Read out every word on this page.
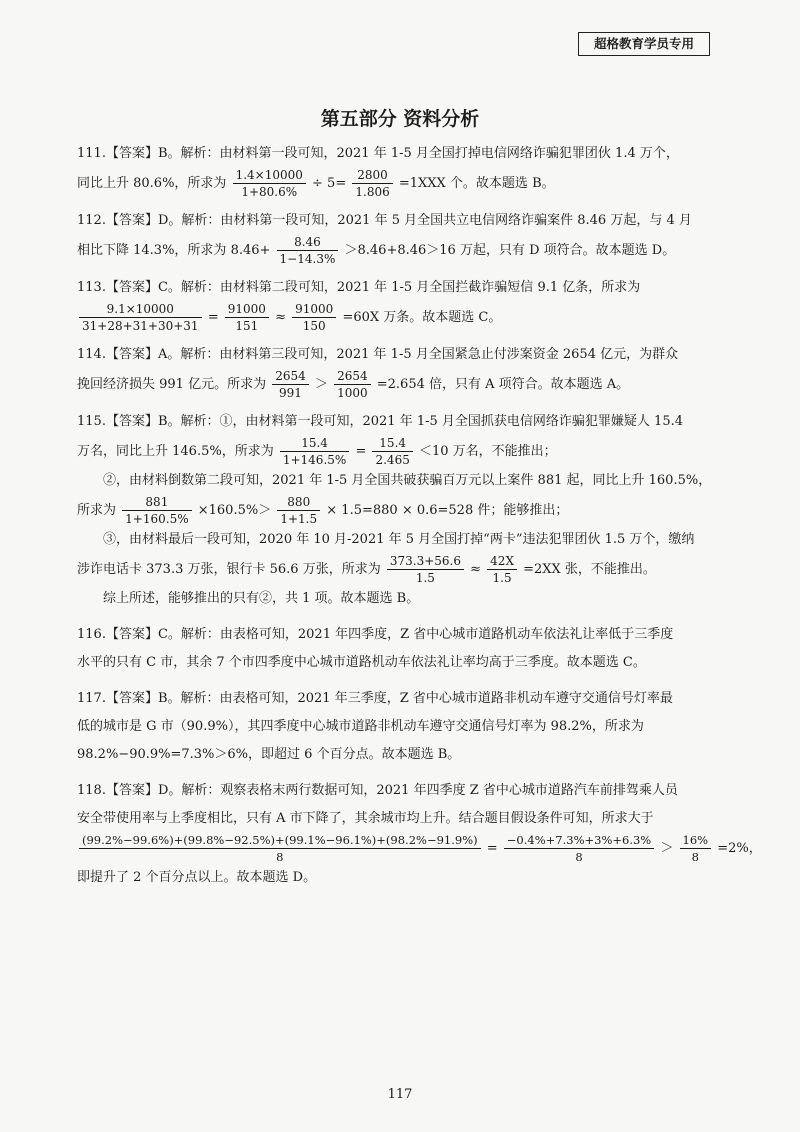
超格教育学员专用
第五部分 资料分析
111.【答案】B。解析：由材料第一段可知，2021 年 1-5 月全国打掉电信网络诈骗犯罪团伙 1.4 万个，
同比上升 80.6%，所求为 $\frac{1.4\times 10000}{1+80.6\%} \div 5= \frac{2800}{1.806} =1XXX$ 个。故本题选 B。
112.【答案】D。解析：由材料第一段可知，2021 年 5 月全国共立电信网络诈骗案件 8.46 万起，与 4 月
相比下降 14.3%，所求为 $8.46+ \frac{8.46}{1-14.3\%} >8.46+8.46>16$ 万起，只有 D 项符合。故本题选 D。
113.【答案】C。解析：由材料第二段可知，2021 年 1-5 月全国拦截诈骗短信 9.1 亿条，所求为
$\frac{9.1\times 10000}{31+28+31+30+31} = \frac{91000}{151} \approx \frac{91000}{150} =60X$ 万条。故本题选 C。
114.【答案】A。解析：由材料第三段可知，2021 年 1-5 月全国紧急止付涉案资金 2654 亿元，为群众
挽回经济损失 991 亿元。所求为 $\frac{2654}{991} > \frac{2654}{1000} =2.654$ 倍，只有 A 项符合。故本题选 A。
115.【答案】B。解析：①，由材料第一段可知，2021 年 1-5 月全国抓获电信网络诈骗犯罪嫌疑人 15.4
万名，同比上升 146.5%，所求为 $\frac{15.4}{1+146.5\%} = \frac{15.4}{2.465} <10$ 万名，不能推出；
②，由材料倒数第二段可知，2021 年 1-5 月全国共破获骗百万元以上案件 881 起，同比上升 160.5%，
所求为 $\frac{881}{1+160.5\%} \times 160.5\%> \frac{880}{1+1.5} \times 1.5=880 \times 0.6=528$ 件；能够推出；
③，由材料最后一段可知，2020 年 10 月-2021 年 5 月全国打掉“两卡”违法犯罪团伙 1.5 万个，缴纳
涉诈电话卡 373.3 万张，银行卡 56.6 万张，所求为 $\frac{373.3+56.6}{1.5} \approx \frac{42X}{1.5} =2XX$ 张，不能推出。
综上所述，能够推出的只有②，共 1 项。故本题选 B。
116.【答案】C。解析：由表格可知，2021 年四季度，Z 省中心城市道路机动车依法礼让率低于三季度
水平的只有 C 市，其余 7 个市四季度中心城市道路机动车依法礼让率均高于三季度。故本题选 C。
117.【答案】B。解析：由表格可知，2021 年三季度，Z 省中心城市道路非机动车遵守交通信号灯率最
低的城市是 G 市（90.9%），其四季度中心城市道路非机动车遵守交通信号灯率为 98.2%，所求为
98.2%−90.9%=7.3%＞6%，即超过 6 个百分点。故本题选 B。
118.【答案】D。解析：观察表格末两行数据可知，2021 年四季度 Z 省中心城市道路汽车前排驾乘人员
安全带使用率与上季度相比，只有 A 市下降了，其余城市均上升。结合题目假设条件可知，所求大于
$\frac{(99.2\%-99.6\%)+(99.8\%-92.5\%)+(99.1\%-96.1\%)+(98.2\%-91.9\%)}{8} = \frac{-0.4\%+7.3\%+3\%+6.3\%}{8} > \frac{16\%}{8} =2\%$，
即提升了 2 个百分点以上。故本题选 D。
117
